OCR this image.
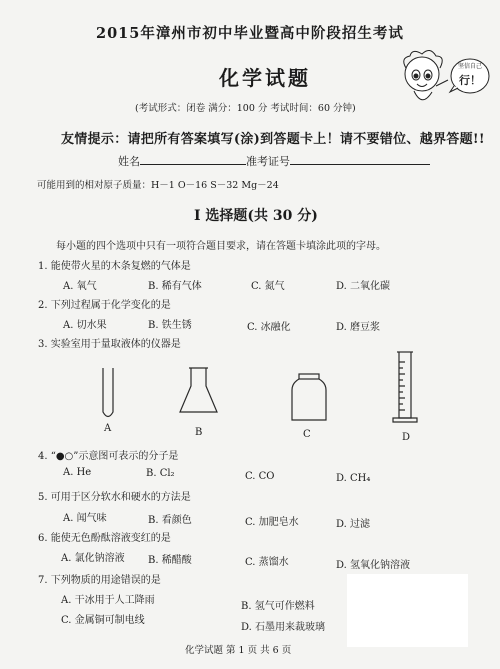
2015年漳州市初中毕业暨高中阶段招生考试
化学试题
(考试形式：闭卷 满分：100 分 考试时间：60 分钟)
坚信自己
行！
友情提示：请把所有答案填写(涂)到答题卡上！请不要错位、越界答题!!
姓名	准考证号
可能用到的相对原子质量：H－1 O－16 S－32 Mg－24
Ⅰ 选择题(共 30 分)
每小题的四个选项中只有一项符合题目要求，请在答题卡填涂此项的字母。
1. 能使带火星的木条复燃的气体是
A. 氧气	B. 稀有气体	C. 氮气	D. 二氧化碳
2. 下列过程属于化学变化的是
A. 切水果	B. 铁生锈	C. 冰融化	D. 磨豆浆
3. 实验室用于量取液体的仪器是
A	B	C	D
4. “●○”示意图可表示的分子是
A. He	B. Cl₂	C. CO	D. CH₄
5. 可用于区分软水和硬水的方法是
A. 闻气味	B. 看颜色	C. 加肥皂水	D. 过滤
6. 能使无色酚酞溶液变红的是
A. 氯化钠溶液 B. 稀醋酸	C. 蒸馏水	D. 氢氧化钠溶液
7. 下列物质的用途错误的是
A. 干冰用于人工降雨
B. 氢气可作燃料
C. 金属铜可制电线
D. 石墨用来裁玻璃
化学试题 第 1 页 共 6 页
